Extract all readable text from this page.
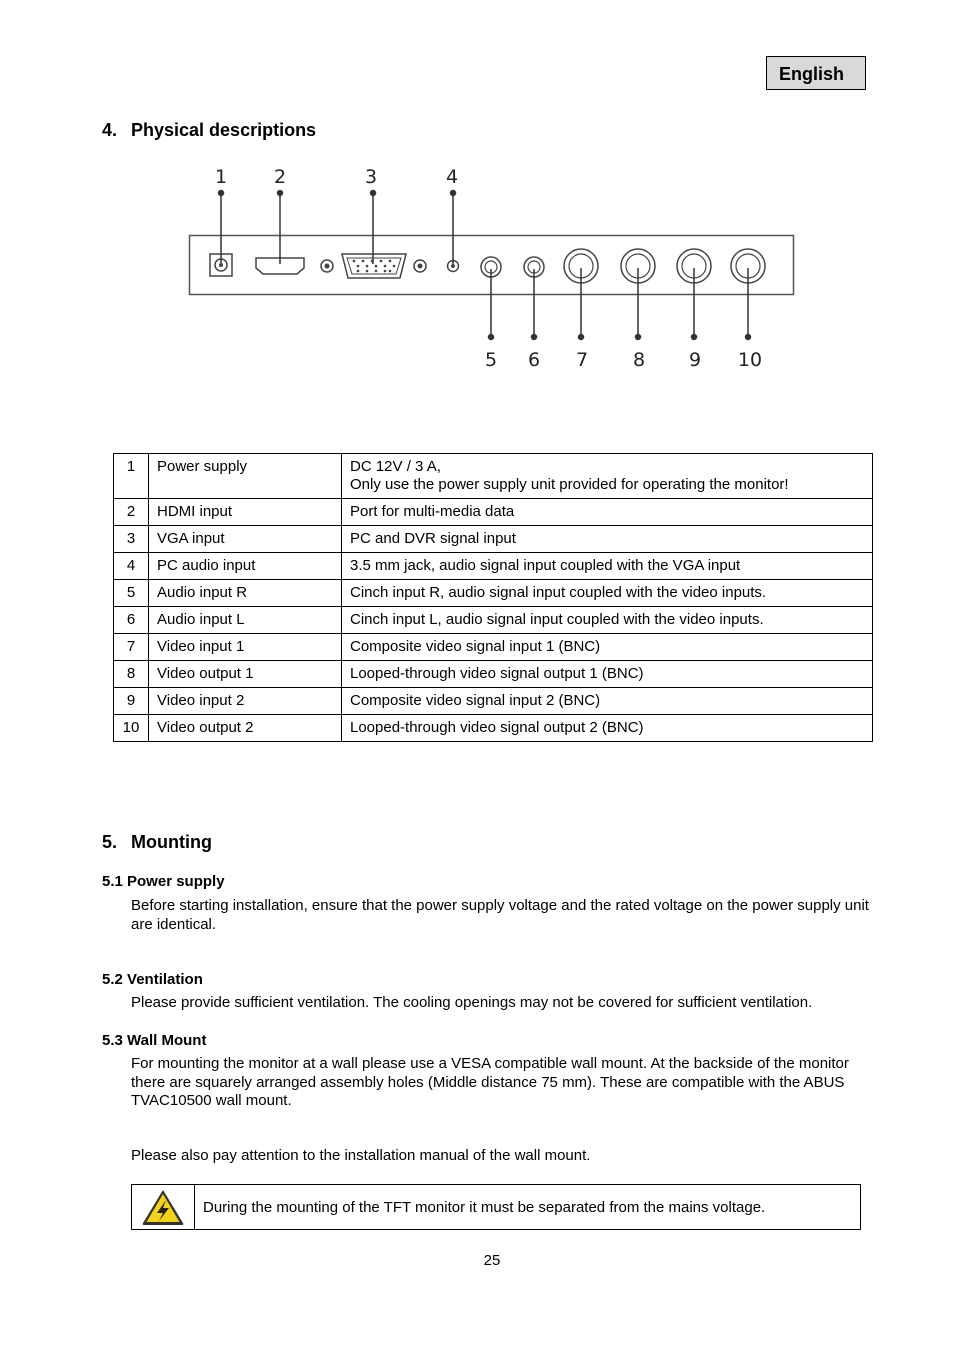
English
4. Physical descriptions
1 2	3	4
5 6 7 8 9 10
1	Power supply	DC 12V / 3 A,
Only use the power supply unit provided for operating the monitor!

2	HDMI input	Port for multi-media data
3	VGA input	PC and DVR signal input
4	PC audio input	3.5 mm jack, audio signal input coupled with the VGA input
5	Audio input R	Cinch input R, audio signal input coupled with the video inputs.
6	Audio input L	Cinch input L, audio signal input coupled with the video inputs.
7	Video input 1	Composite video signal input 1 (BNC)
8	Video output 1	Looped-through video signal output 1 (BNC)
9	Video input 2	Composite video signal input 2 (BNC)
10	Video output 2	Looped-through video signal output 2 (BNC)
5. Mounting
5.1 Power supply
Before starting installation, ensure that the power supply voltage and the rated voltage on the power supply unit are identical.
5.2 Ventilation
Please provide sufficient ventilation. The cooling openings may not be covered for sufficient ventilation.
5.3 Wall Mount
For mounting the monitor at a wall please use a VESA compatible wall mount. At the backside of the monitor there are squarely arranged assembly holes (Middle distance 75 mm). These are compatible with the ABUS TVAC10500 wall mount.
Please also pay attention to the installation manual of the wall mount.
During the mounting of the TFT monitor it must be separated from the mains voltage.
25
